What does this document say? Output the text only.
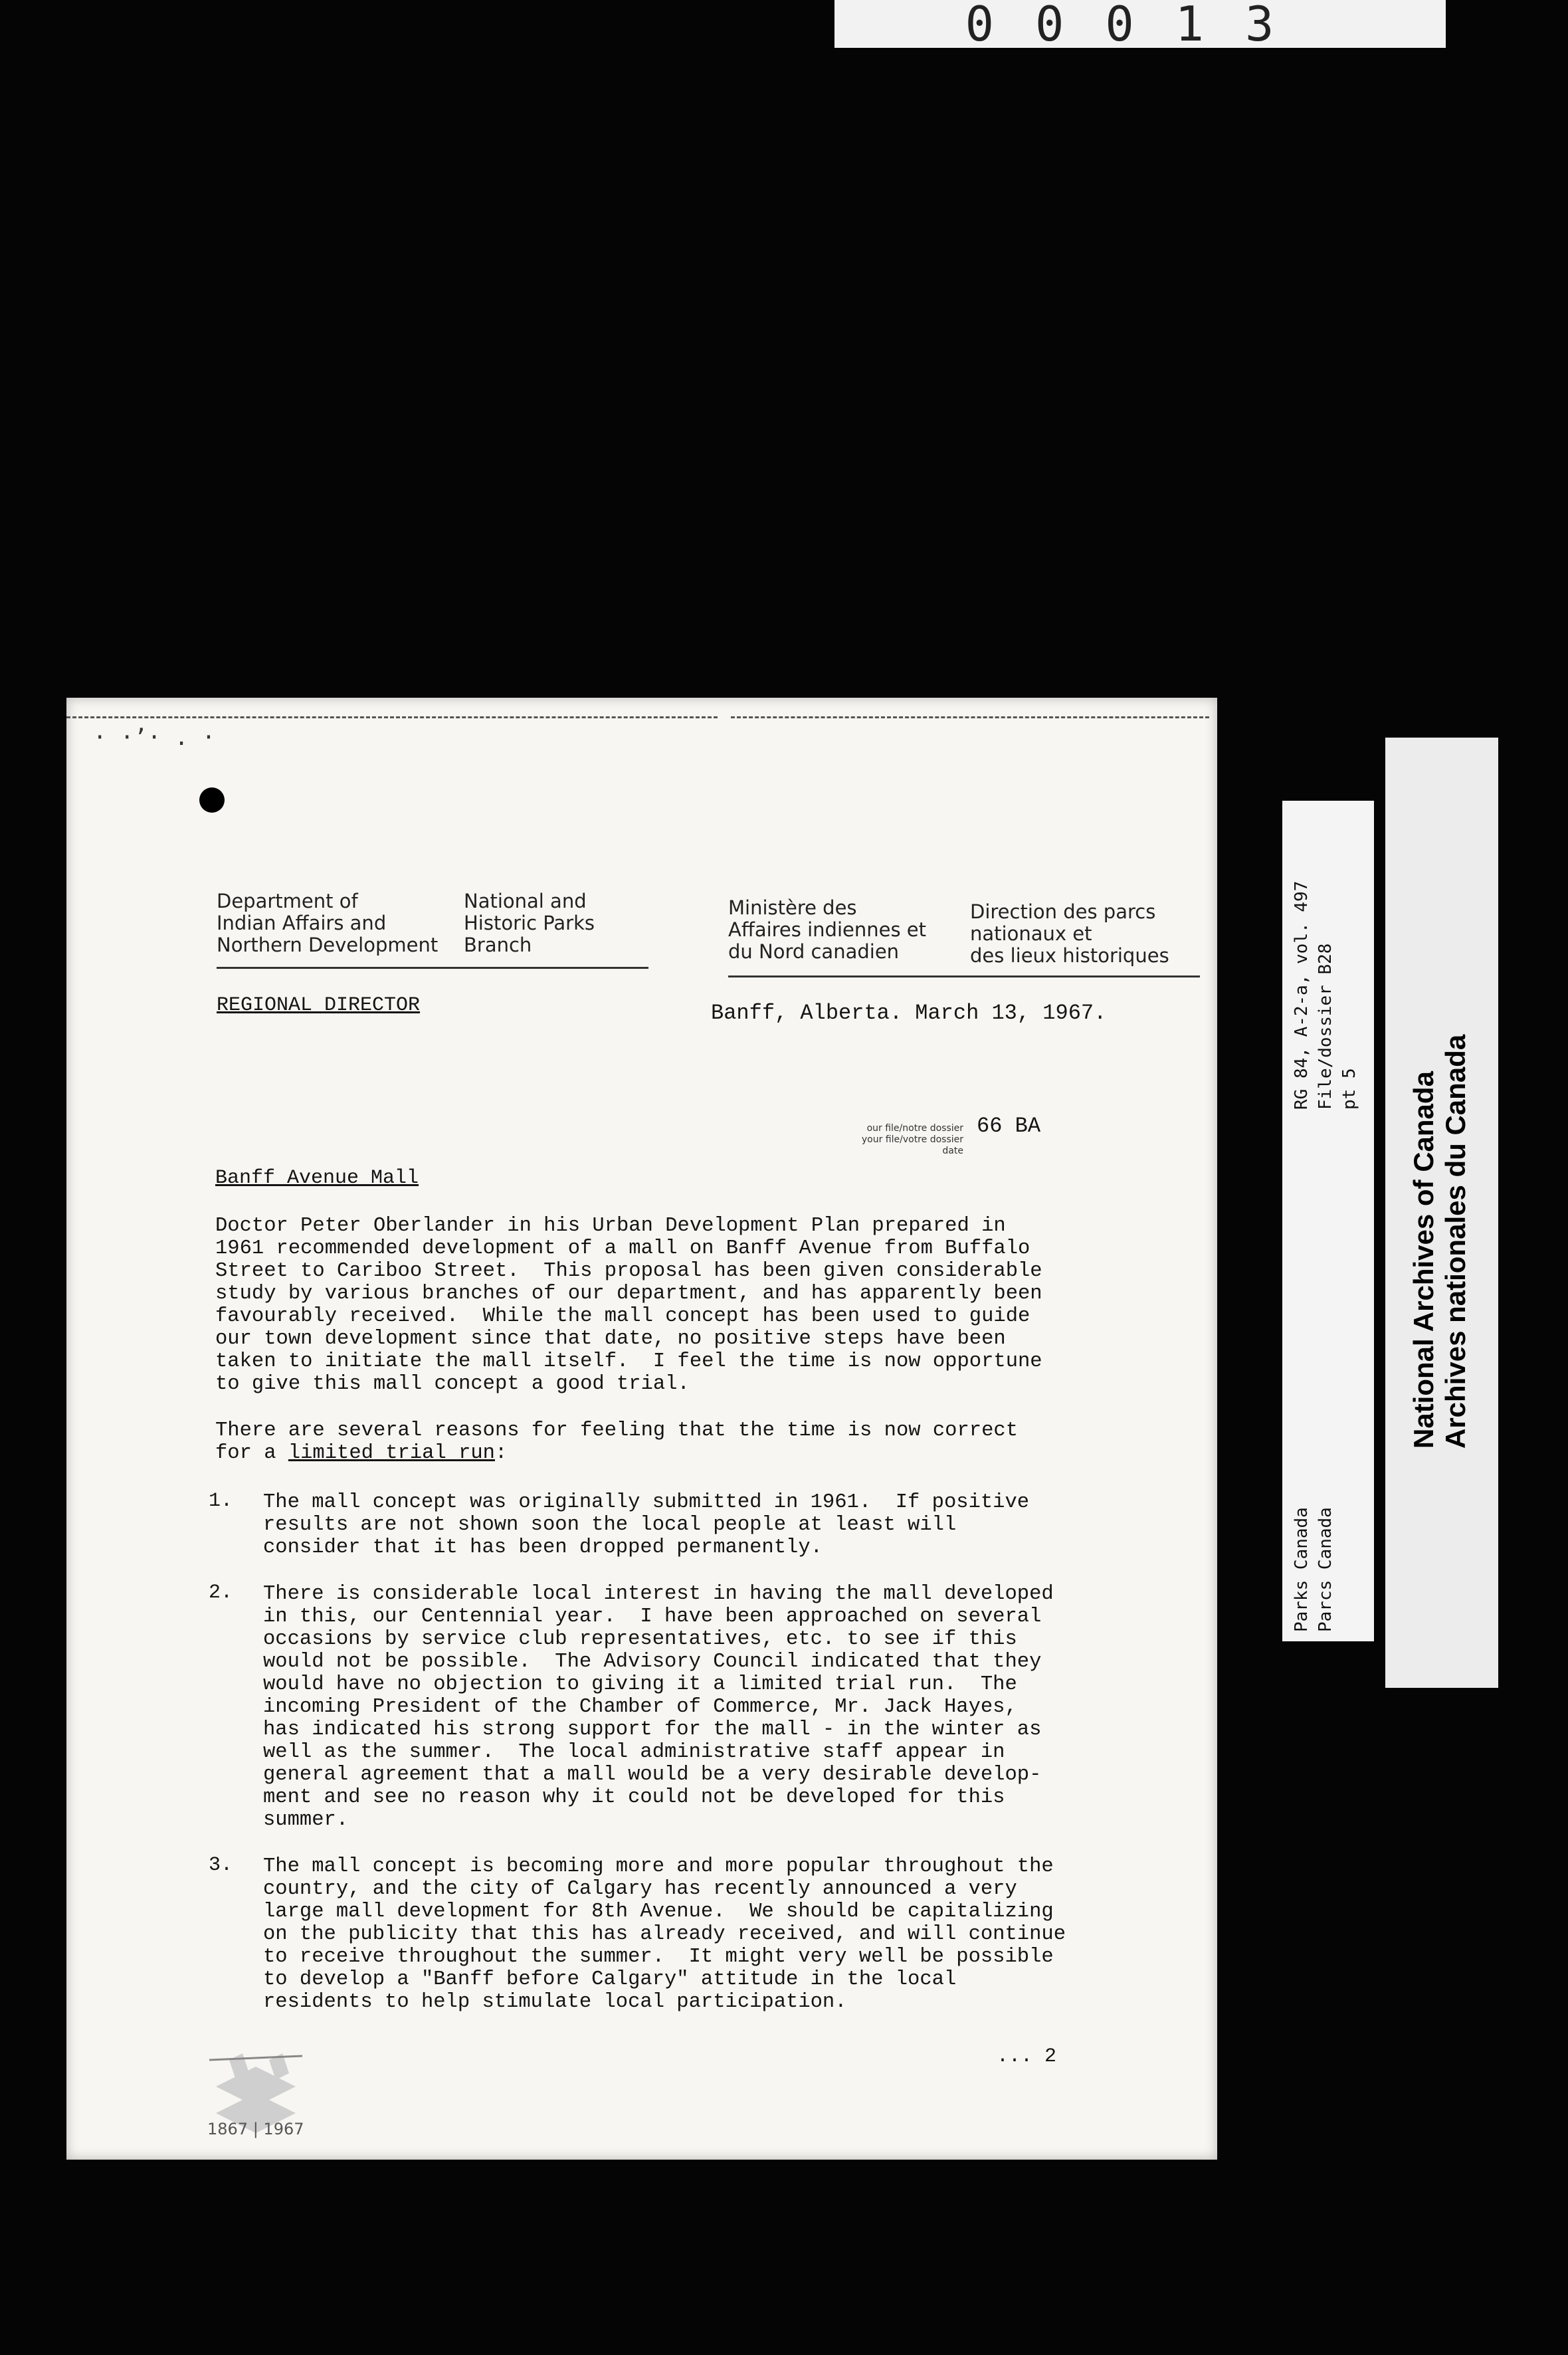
00013
· ·ʼ· . ·
Department of
Indian Affairs and
Northern Development
National and
Historic Parks
Branch
Ministère des
Affaires indiennes et
du Nord canadien
Direction des parcs
nationaux et
des lieux historiques
REGIONAL DIRECTOR	Banff, Alberta. March 13, 1967.
our file/notre dossier
your file/votre dossier
date
66 BA
Banff Avenue Mall
Doctor Peter Oberlander in his Urban Development Plan prepared in
1961 recommended development of a mall on Banff Avenue from Buffalo
Street to Cariboo Street.  This proposal has been given considerable
study by various branches of our department, and has apparently been
favourably received.  While the mall concept has been used to guide
our town development since that date, no positive steps have been
taken to initiate the mall itself.  I feel the time is now opportune
to give this mall concept a good trial.
There are several reasons for feeling that the time is now correct
for a limited trial run:
1. The mall concept was originally submitted in 1961.  If positive
results are not shown soon the local people at least will
consider that it has been dropped permanently.
2. There is considerable local interest in having the mall developed
in this, our Centennial year.  I have been approached on several
occasions by service club representatives, etc. to see if this
would not be possible.  The Advisory Council indicated that they
would have no objection to giving it a limited trial run.  The
incoming President of the Chamber of Commerce, Mr. Jack Hayes,
has indicated his strong support for the mall - in the winter as
well as the summer.  The local administrative staff appear in
general agreement that a mall would be a very desirable develop-
ment and see no reason why it could not be developed for this
summer.
3. The mall concept is becoming more and more popular throughout the
country, and the city of Calgary has recently announced a very
large mall development for 8th Avenue.  We should be capitalizing
on the publicity that this has already received, and will continue
to receive throughout the summer.  It might very well be possible
to develop a "Banff before Calgary" attitude in the local
residents to help stimulate local participation.
... 2
1867 | 1967
RG 84, A-2-a, vol. 497 File/dossier B28 pt 5
Parks Canada Parcs Canada
National Archives of Canada Archives nationales du Canada
